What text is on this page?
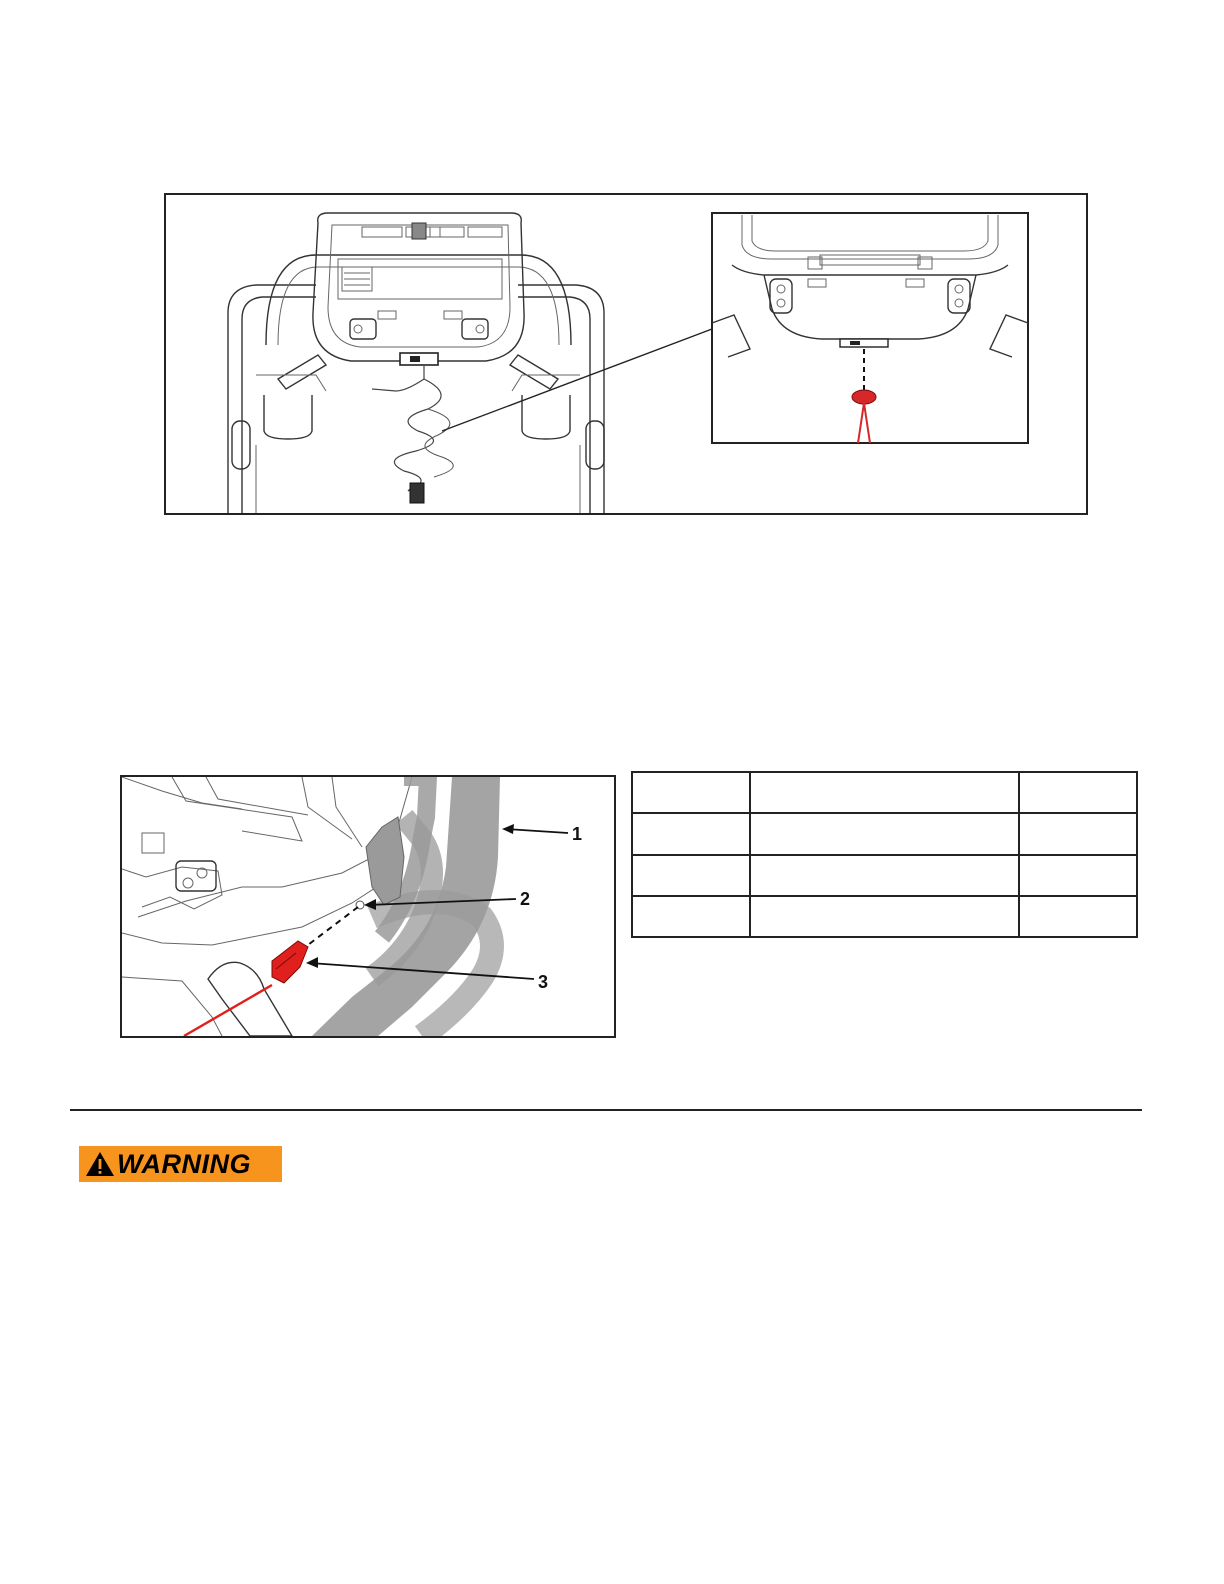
1
2
3

WARNING
